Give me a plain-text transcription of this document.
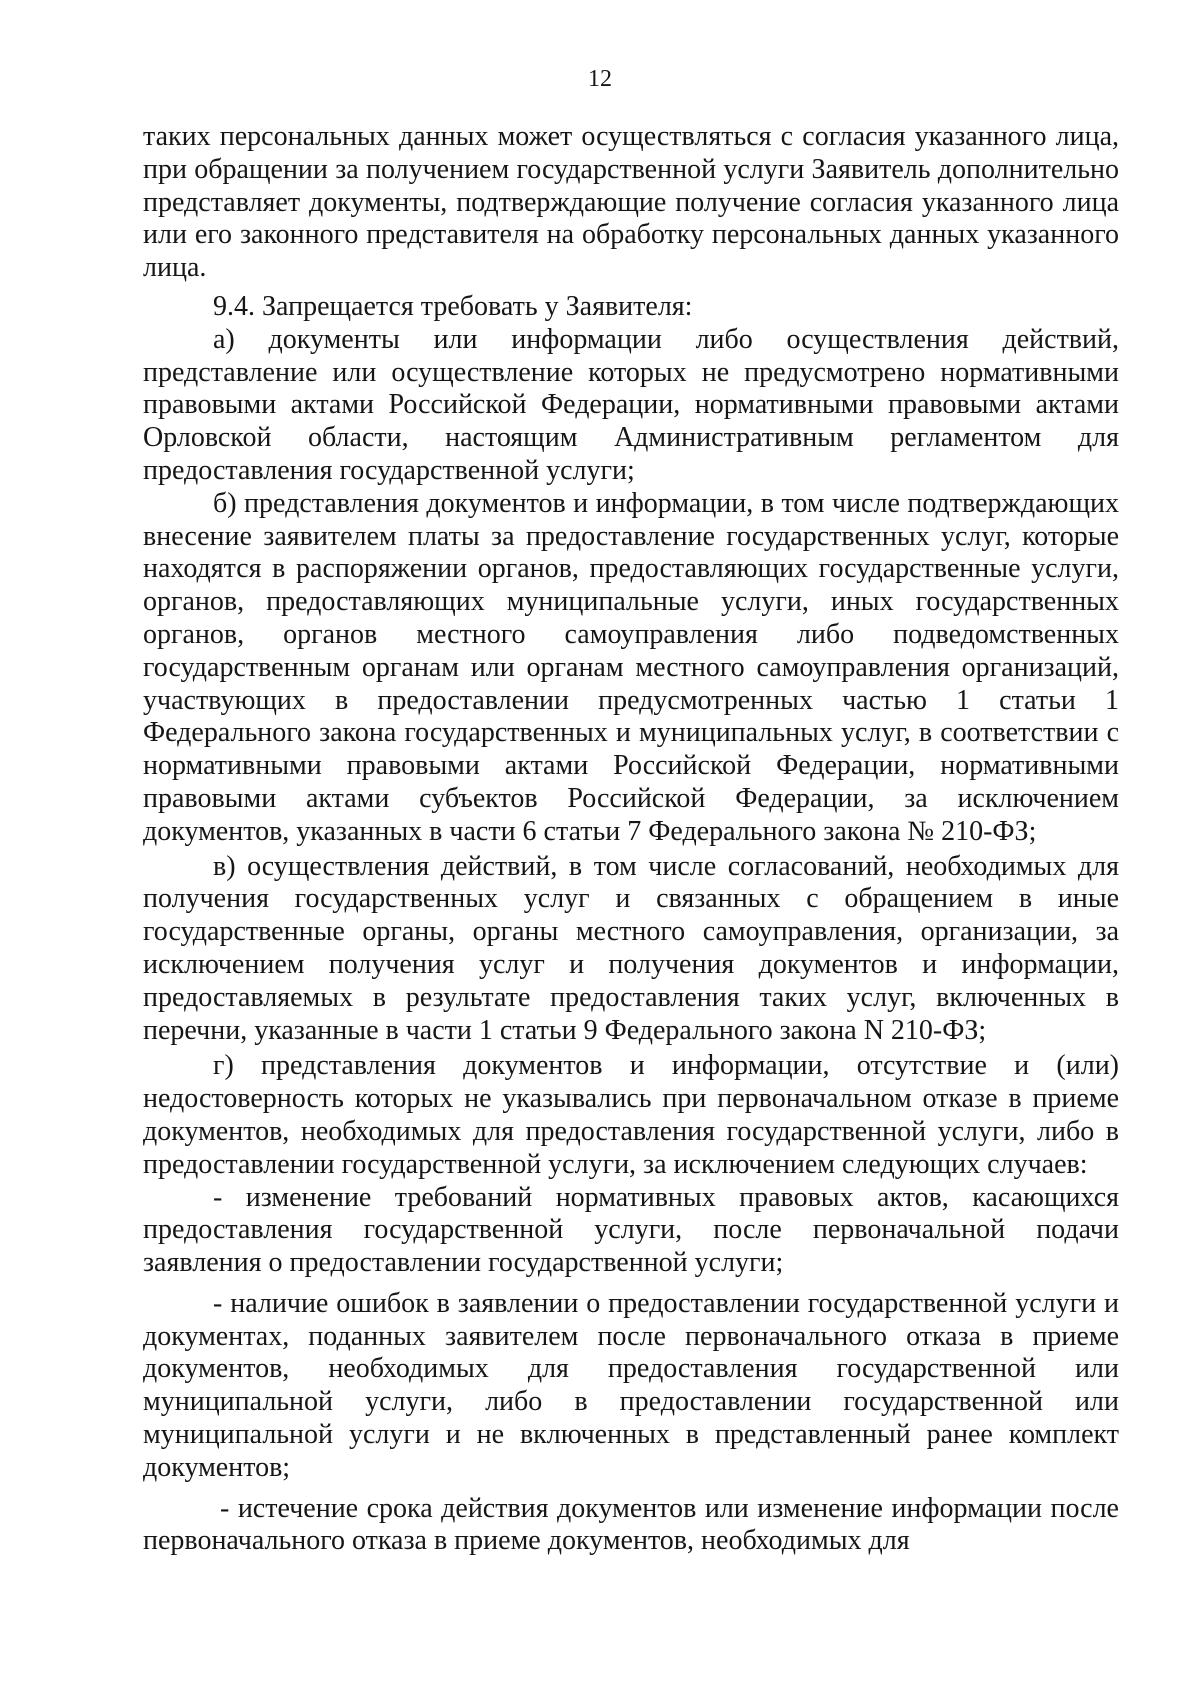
12

таких персональных данных может осуществляться с согласия указанного лица, при обращении за получением государственной услуги Заявитель дополнительно представляет документы, подтверждающие получение согласия указанного лица или его законного представителя на обработку персональных данных указанного лица.

9.4. Запрещается требовать у Заявителя:

а) документы или информации либо осуществления действий, представление или осуществление которых не предусмотрено нормативными правовыми актами Российской Федерации, нормативными правовыми актами Орловской области, настоящим Административным регламентом для предоставления государственной услуги;

б) представления документов и информации, в том числе подтверждающих внесение заявителем платы за предоставление государственных услуг, которые находятся в распоряжении органов, предоставляющих государственные услуги, органов, предоставляющих муниципальные услуги, иных государственных органов, органов местного самоуправления либо подведомственных государственным органам или органам местного самоуправления организаций, участвующих в предоставлении предусмотренных частью 1 статьи 1 Федерального закона государственных и муниципальных услуг, в соответствии с нормативными правовыми актами Российской Федерации, нормативными правовыми актами субъектов Российской Федерации, за исключением документов, указанных в части 6 статьи 7 Федерального закона № 210-ФЗ;

в) осуществления действий, в том числе согласований, необходимых для получения государственных услуг и связанных с обращением в иные государственные органы, органы местного самоуправления, организации, за исключением получения услуг и получения документов и информации, предоставляемых в результате предоставления таких услуг, включенных в перечни, указанные в части 1 статьи 9 Федерального закона N 210-ФЗ;

г) представления документов и информации, отсутствие и (или) недостоверность которых не указывались при первоначальном отказе в приеме документов, необходимых для предоставления государственной услуги, либо в предоставлении государственной услуги, за исключением следующих случаев:

- изменение требований нормативных правовых актов, касающихся предоставления государственной услуги, после первоначальной подачи заявления о предоставлении государственной услуги;

- наличие ошибок в заявлении о предоставлении государственной услуги и документах, поданных заявителем после первоначального отказа в приеме документов, необходимых для предоставления государственной или муниципальной услуги, либо в предоставлении государственной или муниципальной услуги и не включенных в представленный ранее комплект документов;

- истечение срока действия документов или изменение информации после первоначального отказа в приеме документов, необходимых для
